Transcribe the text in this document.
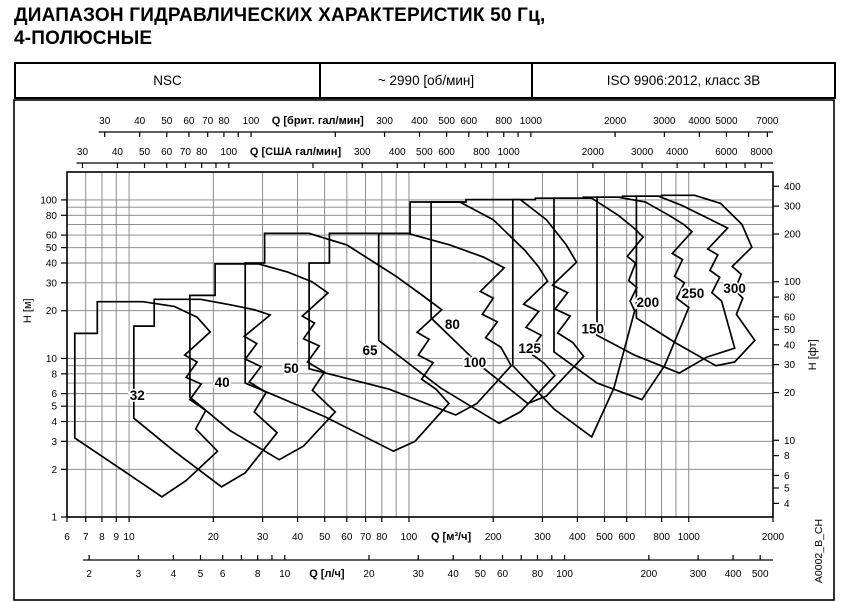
ДИАПАЗОН ГИДРАВЛИЧЕСКИХ ХАРАКТЕРИСТИК 50 Гц,
4-ПОЛЮСНЫЕ
NSC	~ 2990 [об/мин]	ISO 9906:2012, класс 3В
32
40
50
65
80
100
125
150
200
250 300
1
2
3
4
5
6
8
10
20
30
40
50
60
80
100
H [м]
4
5
6
8
10
20
30
40
50
60
80
100
200
300
400
H [фт]
30 40 50 60 70 80 100	300 400 500 600 800 1000	2000	3000 4000 5000 7000
Q [брит. гал/мин]
30 40 50 60 70 80 100	300 400 500 600 800 1000	2000	3000 4000	6000 8000
Q [США гал/мин]
6 7 8 9 10	20	30 40 50 60 70 80 100	200	300 400 500 600 800 1000	2000
Q [м³/ч]
2	3	4 5 6	8 10	20	30 40 50 60 80 100	200	300 400 500
Q [л/ч]	A0002_B_CH
